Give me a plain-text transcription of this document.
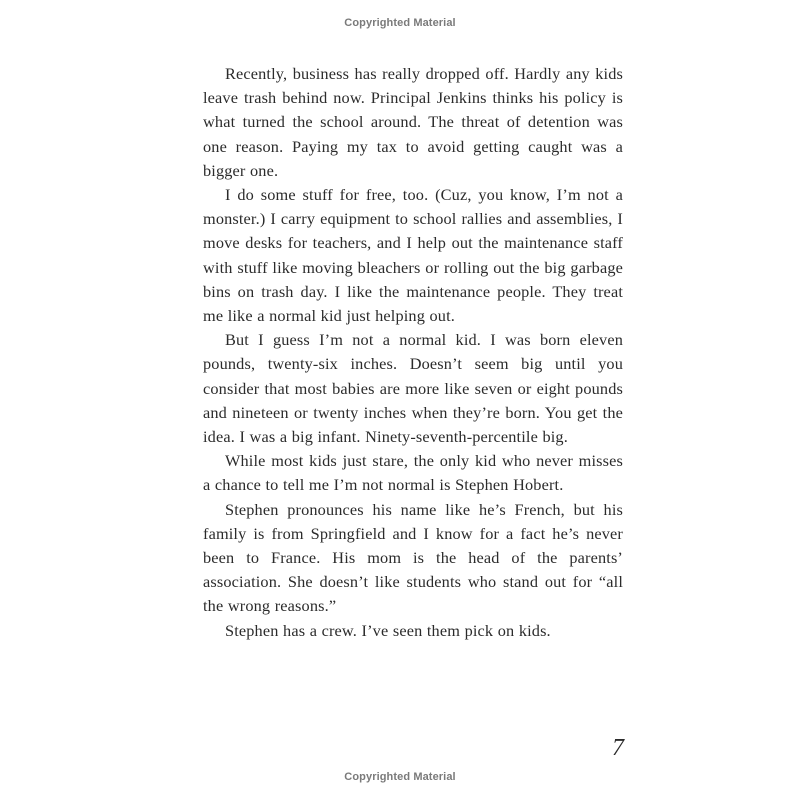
Copyrighted Material

Recently, business has really dropped off. Hardly any kids leave trash behind now. Principal Jenkins thinks his policy is what turned the school around. The threat of detention was one reason. Paying my tax to avoid getting caught was a bigger one.

I do some stuff for free, too. (Cuz, you know, I’m not a monster.) I carry equipment to school rallies and assemblies, I move desks for teachers, and I help out the maintenance staff with stuff like moving bleachers or rolling out the big garbage bins on trash day. I like the maintenance people. They treat me like a normal kid just helping out.

But I guess I’m not a normal kid. I was born eleven pounds, twenty-six inches. Doesn’t seem big until you consider that most babies are more like seven or eight pounds and nineteen or twenty inches when they’re born. You get the idea. I was a big infant. Ninety-seventh-percentile big.

While most kids just stare, the only kid who never misses a chance to tell me I’m not normal is Stephen Hobert.

Stephen pronounces his name like he’s French, but his family is from Springfield and I know for a fact he’s never been to France. His mom is the head of the parents’ association. She doesn’t like students who stand out for “all the wrong reasons.”

Stephen has a crew. I’ve seen them pick on kids.

7
Copyrighted Material
